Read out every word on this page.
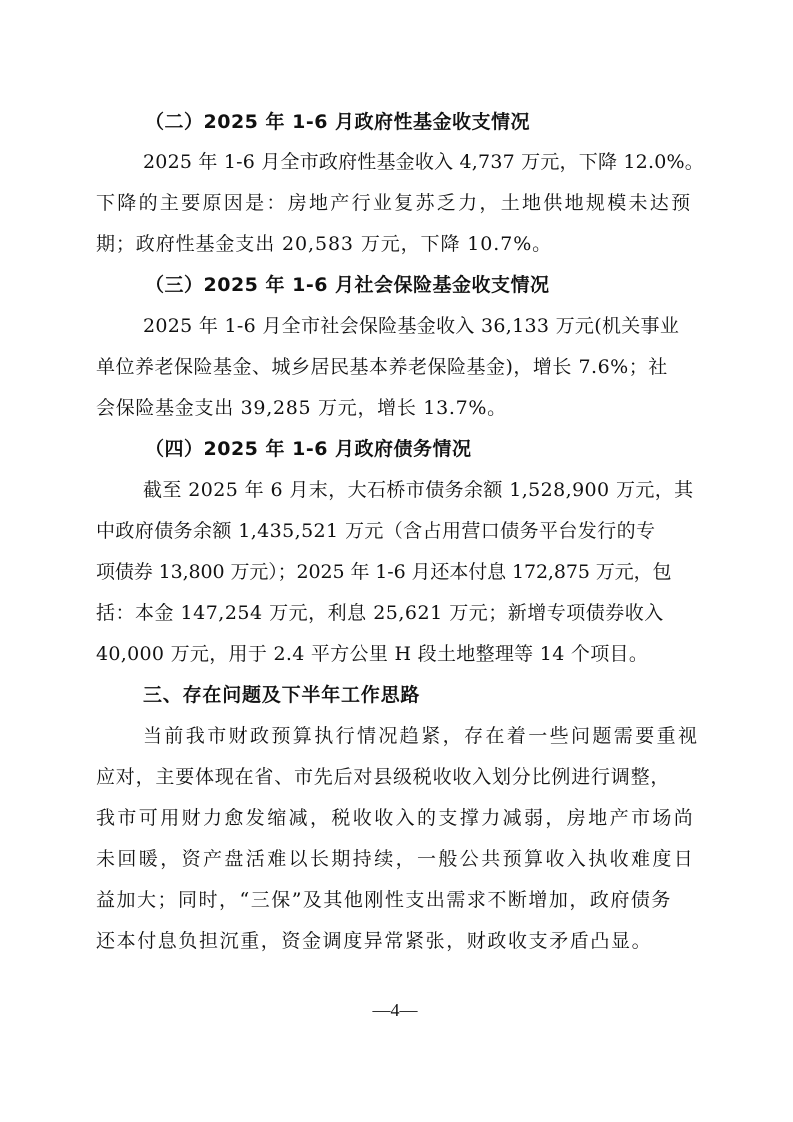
（二）2025 年 1-6 月政府性基金收支情况
2025 年 1-6 月全市政府性基金收入 4,737 万元，下降 12.0%。
下降的主要原因是：房地产行业复苏乏力，土地供地规模未达预
期；政府性基金支出 20,583 万元，下降 10.7%。
（三）2025 年 1-6 月社会保险基金收支情况
2025 年 1-6 月全市社会保险基金收入 36,133 万元(机关事业
单位养老保险基金、城乡居民基本养老保险基金)，增长 7.6%；社
会保险基金支出 39,285 万元，增长 13.7%。
（四）2025 年 1-6 月政府债务情况
截至 2025 年 6 月末，大石桥市债务余额 1,528,900 万元，其
中政府债务余额 1,435,521 万元（含占用营口债务平台发行的专
项债券 13,800 万元）；2025 年 1-6 月还本付息 172,875 万元，包
括：本金 147,254 万元，利息 25,621 万元；新增专项债券收入
40,000 万元，用于 2.4 平方公里 H 段土地整理等 14 个项目。
三、存在问题及下半年工作思路
当前我市财政预算执行情况趋紧，存在着一些问题需要重视
应对，主要体现在省、市先后对县级税收收入划分比例进行调整，
我市可用财力愈发缩减，税收收入的支撑力减弱，房地产市场尚
未回暖，资产盘活难以长期持续，一般公共预算收入执收难度日
益加大；同时，“三保”及其他刚性支出需求不断增加，政府债务
还本付息负担沉重，资金调度异常紧张，财政收支矛盾凸显。
—4—
